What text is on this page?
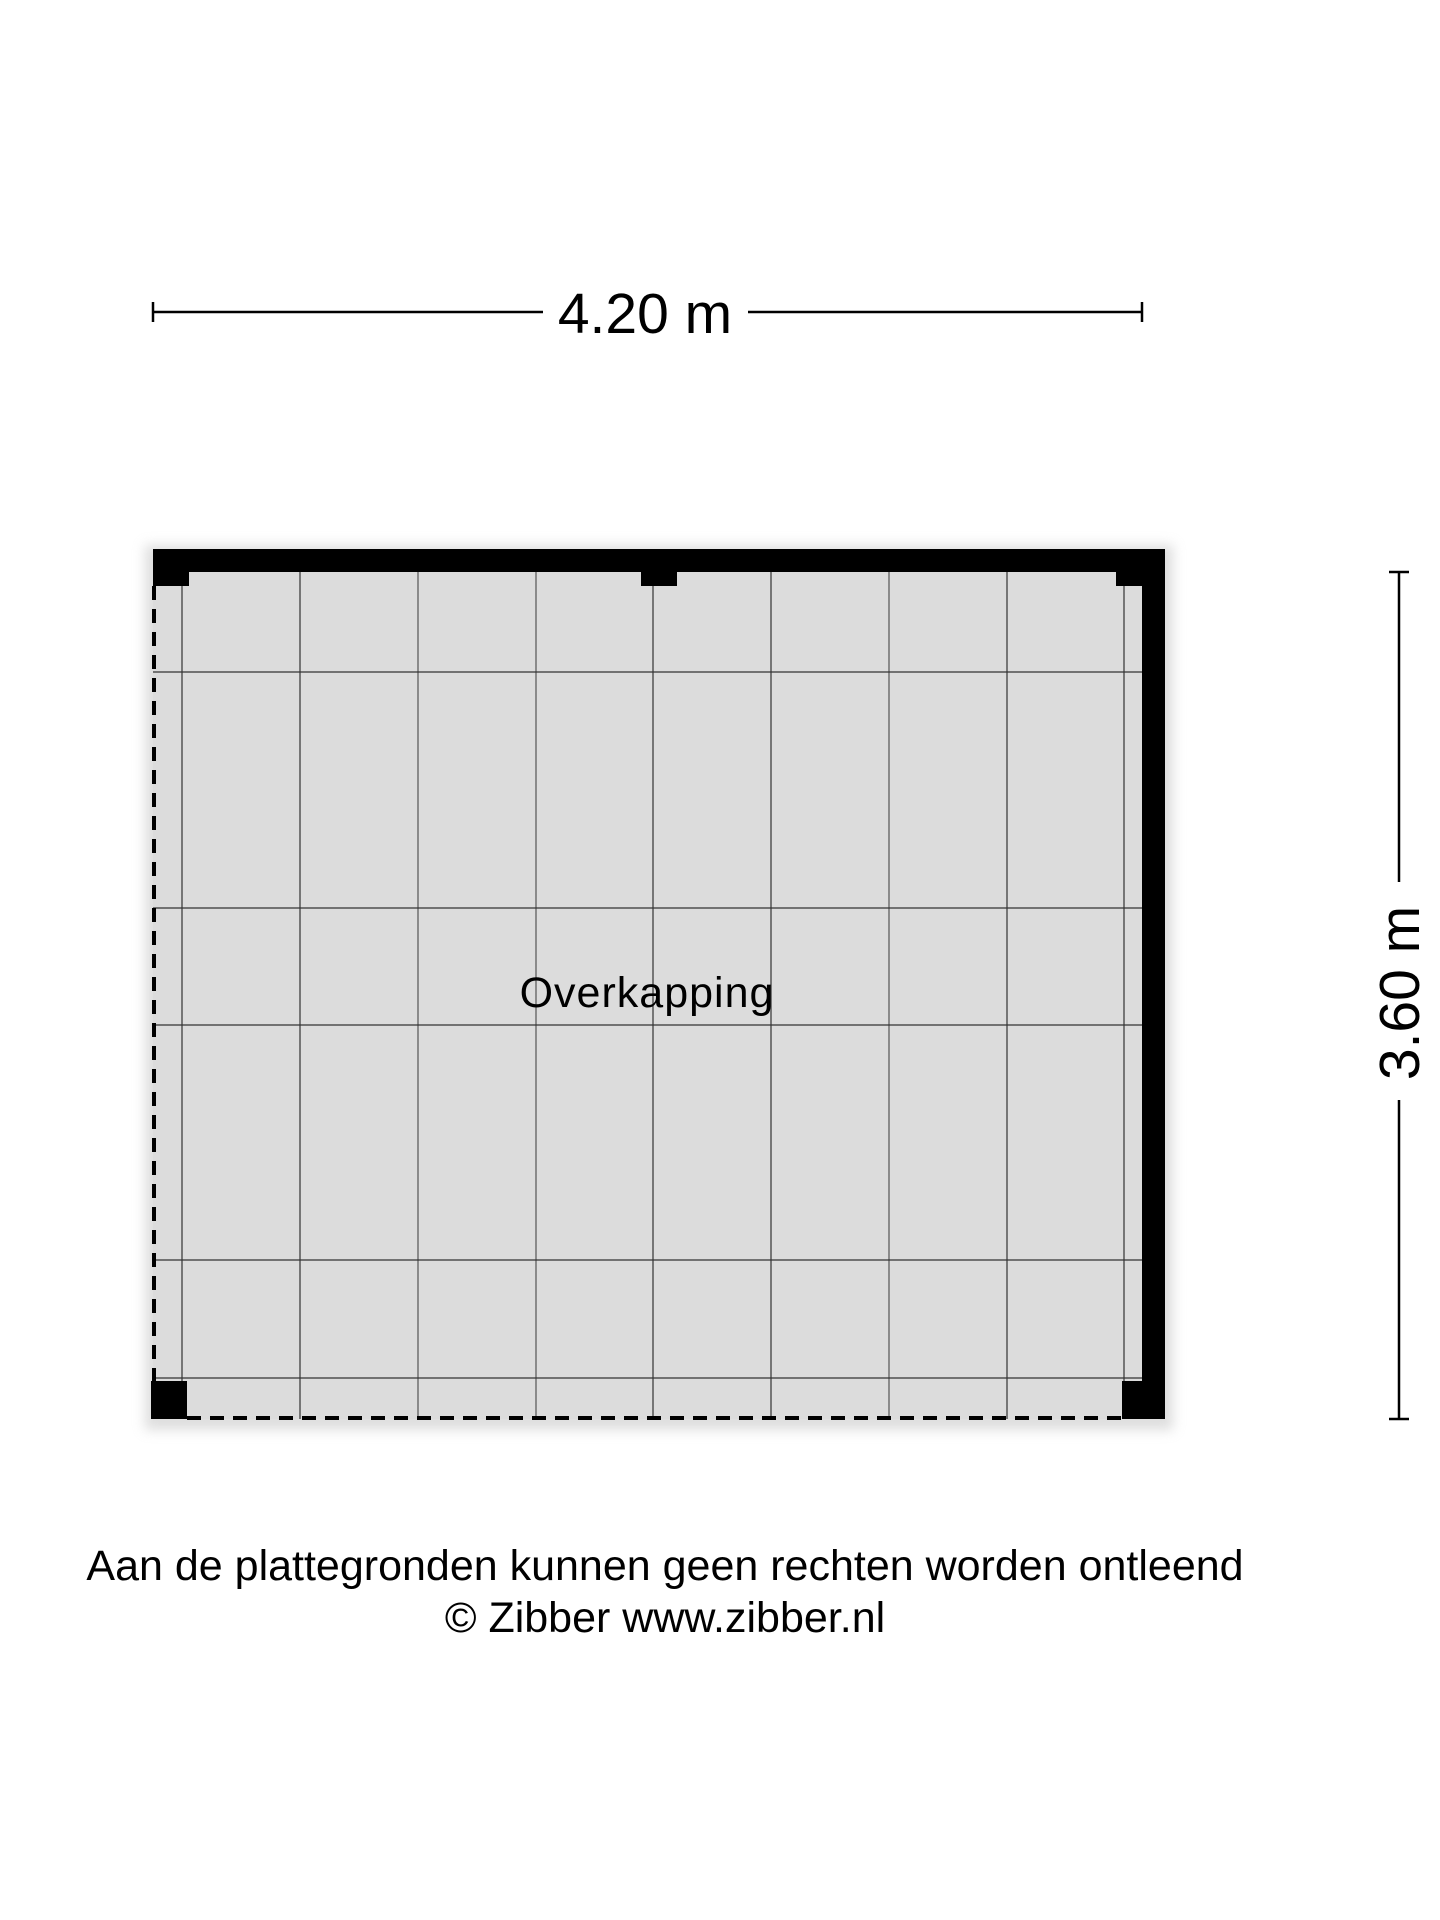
4.20 m
3.60 m
Overkapping
Aan de plattegronden kunnen geen rechten worden ontleend
© Zibber www.zibber.nl
